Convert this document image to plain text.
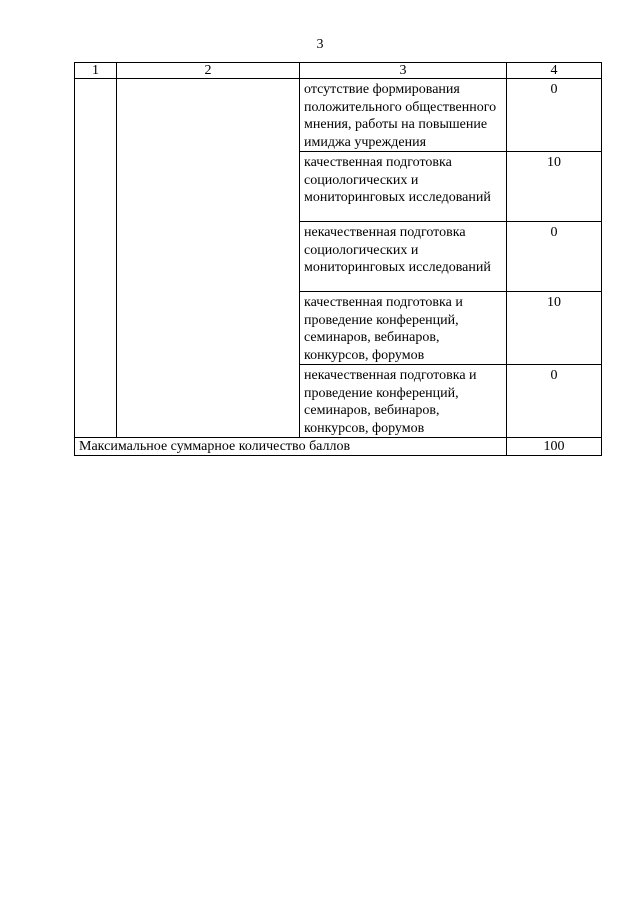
3
1	2	3	4
		отсутствие формирования положительного общественного мнения, работы на повышение имиджа учреждения	0
		качественная подготовка социологических и мониторинговых исследований	10
		некачественная подготовка социологических и мониторинговых исследований	0
		качественная подготовка и проведение конференций, семинаров, вебинаров, конкурсов, форумов	10
		некачественная подготовка и проведение конференций, семинаров, вебинаров, конкурсов, форумов	0
Максимальное суммарное количество баллов			100
